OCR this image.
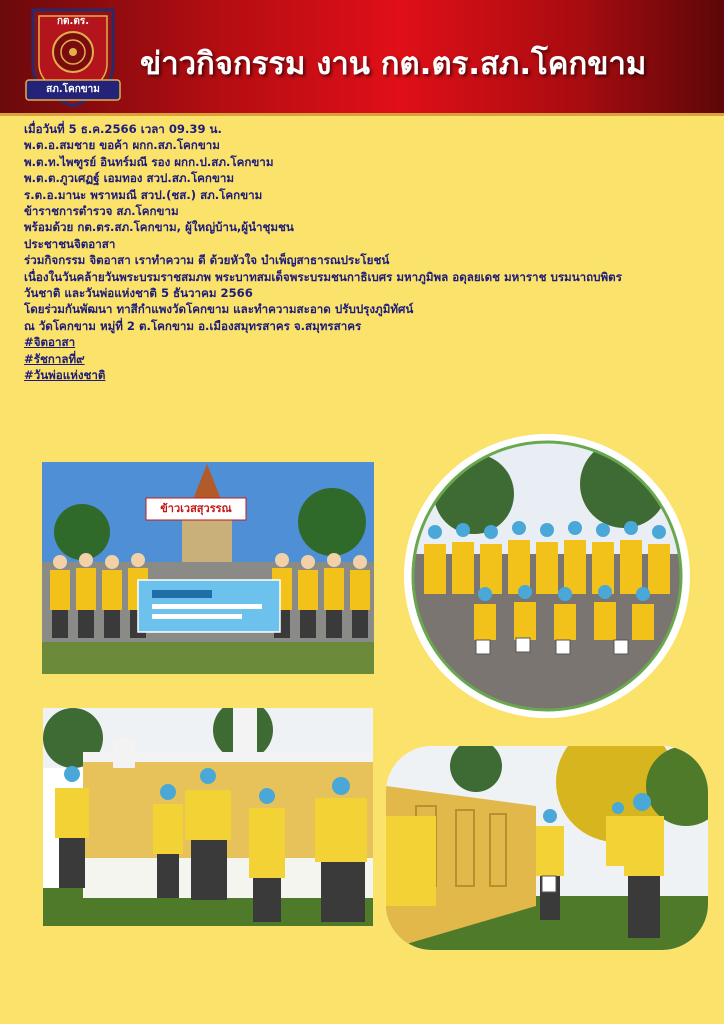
กต.ตร.
สภ.โคกขาม
ข่าวกิจกรรม งาน กต.ตร.สภ.โคกขาม
เมื่อวันที่ 5 ธ.ค.2566 เวลา 09.39 น.
พ.ต.อ.สมชาย ขอค้า ผกก.สภ.โคกขาม
พ.ต.ท.ไพฑูรย์ อินทร์มณี รอง ผกก.ป.สภ.โคกขาม
พ.ต.ต.ภูวเศฏฐ์ เอมทอง สวป.สภ.โคกขาม
ร.ต.อ.มานะ พราหมณี สวป.(ชส.) สภ.โคกขาม
ข้าราชการตำรวจ สภ.โคกขาม
พร้อมด้วย กต.ตร.สภ.โคกขาม, ผู้ใหญ่บ้าน,ผู้นำชุมชน
ประชาชนจิตอาสา
ร่วมกิจกรรม จิตอาสา เราทำความ ดี ด้วยหัวใจ บำเพ็ญสาธารณประโยชน์
เนื่องในวันคล้ายวันพระบรมราชสมภพ พระบาทสมเด็จพระบรมชนกาธิเบศร มหาภูมิพล อดุลยเดช มหาราช บรมนาถบพิตร
วันชาติ และวันพ่อแห่งชาติ 5 ธันวาคม 2566
โดยร่วมกันพัฒนา ทาสีกำแพงวัดโคกขาม และทำความสะอาด ปรับปรุงภูมิทัศน์
ณ วัดโคกขาม หมู่ที่ 2 ต.โคกขาม อ.เมืองสมุทรสาคร จ.สมุทรสาคร
#จิตอาสา
#รัชกาลที่๙
#วันพ่อแห่งชาติ
ข้าวเวสสุวรรณ
